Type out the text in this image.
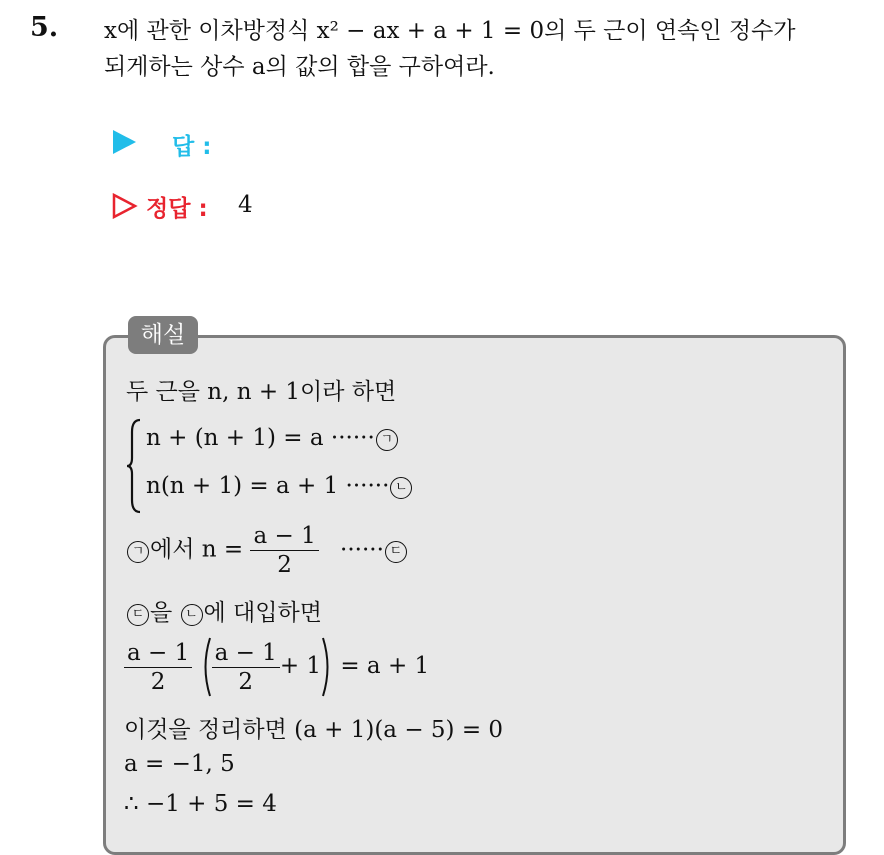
5. x에 관한 이차방정식 x² − ax + a + 1 = 0의 두 근이 연속인 정수가
되게하는 상수 a의 값의 합을 구하여라.
답 :
정답 : 4
해설
두 근을 n, n + 1이라 하면
n + (n + 1) = a ······ ㄱ
n(n + 1) = a + 1 ······ ㄴ
ㄱ 에서 $n = \frac{a - 1}{2}$ ······ ㄷ
ㄷ 을 ㄴ 에 대입하면
$\frac{a - 1}{2}$
$\frac{a - 1}{2} + 1 = a + 1$
이것을 정리하면 (a + 1)(a − 5) = 0
a = −1, 5
∴ −1 + 5 = 4
